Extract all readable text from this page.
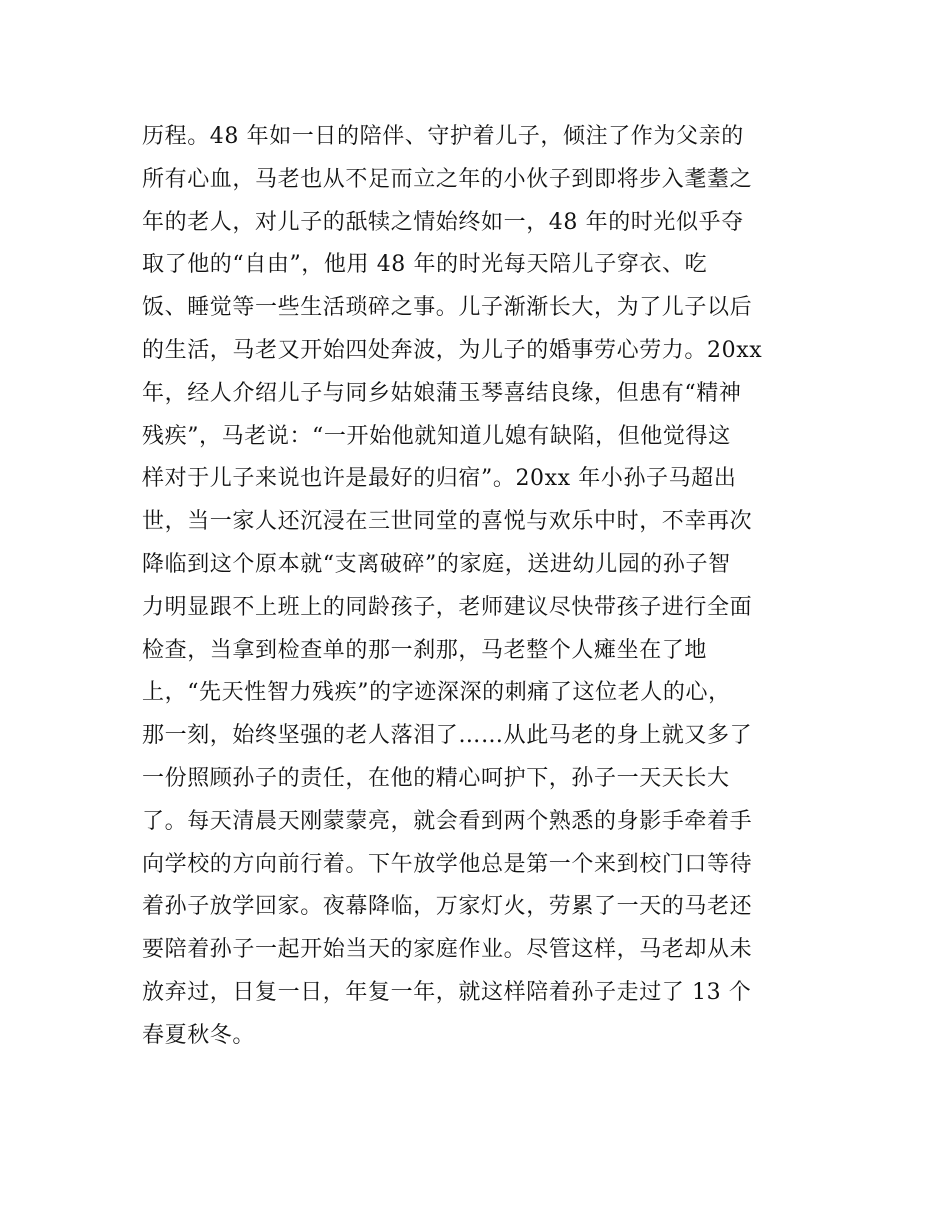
历程。48 年如一日的陪伴、守护着儿子，倾注了作为父亲的
所有心血，马老也从不足而立之年的小伙子到即将步入耄耋之
年的老人，对儿子的舐犊之情始终如一，48 年的时光似乎夺
取了他的“自由”，他用 48 年的时光每天陪儿子穿衣、吃
饭、睡觉等一些生活琐碎之事。儿子渐渐长大，为了儿子以后
的生活，马老又开始四处奔波，为儿子的婚事劳心劳力。20xx
年，经人介绍儿子与同乡姑娘蒲玉琴喜结良缘，但患有“精神
残疾”，马老说：“一开始他就知道儿媳有缺陷，但他觉得这
样对于儿子来说也许是最好的归宿”。20xx 年小孙子马超出
世，当一家人还沉浸在三世同堂的喜悦与欢乐中时，不幸再次
降临到这个原本就“支离破碎”的家庭，送进幼儿园的孙子智
力明显跟不上班上的同龄孩子，老师建议尽快带孩子进行全面
检查，当拿到检查单的那一刹那，马老整个人瘫坐在了地
上，“先天性智力残疾”的字迹深深的刺痛了这位老人的心，
那一刻，始终坚强的老人落泪了……从此马老的身上就又多了
一份照顾孙子的责任，在他的精心呵护下，孙子一天天长大
了。每天清晨天刚蒙蒙亮，就会看到两个熟悉的身影手牵着手
向学校的方向前行着。下午放学他总是第一个来到校门口等待
着孙子放学回家。夜幕降临，万家灯火，劳累了一天的马老还
要陪着孙子一起开始当天的家庭作业。尽管这样，马老却从未
放弃过，日复一日，年复一年，就这样陪着孙子走过了 13 个
春夏秋冬。
